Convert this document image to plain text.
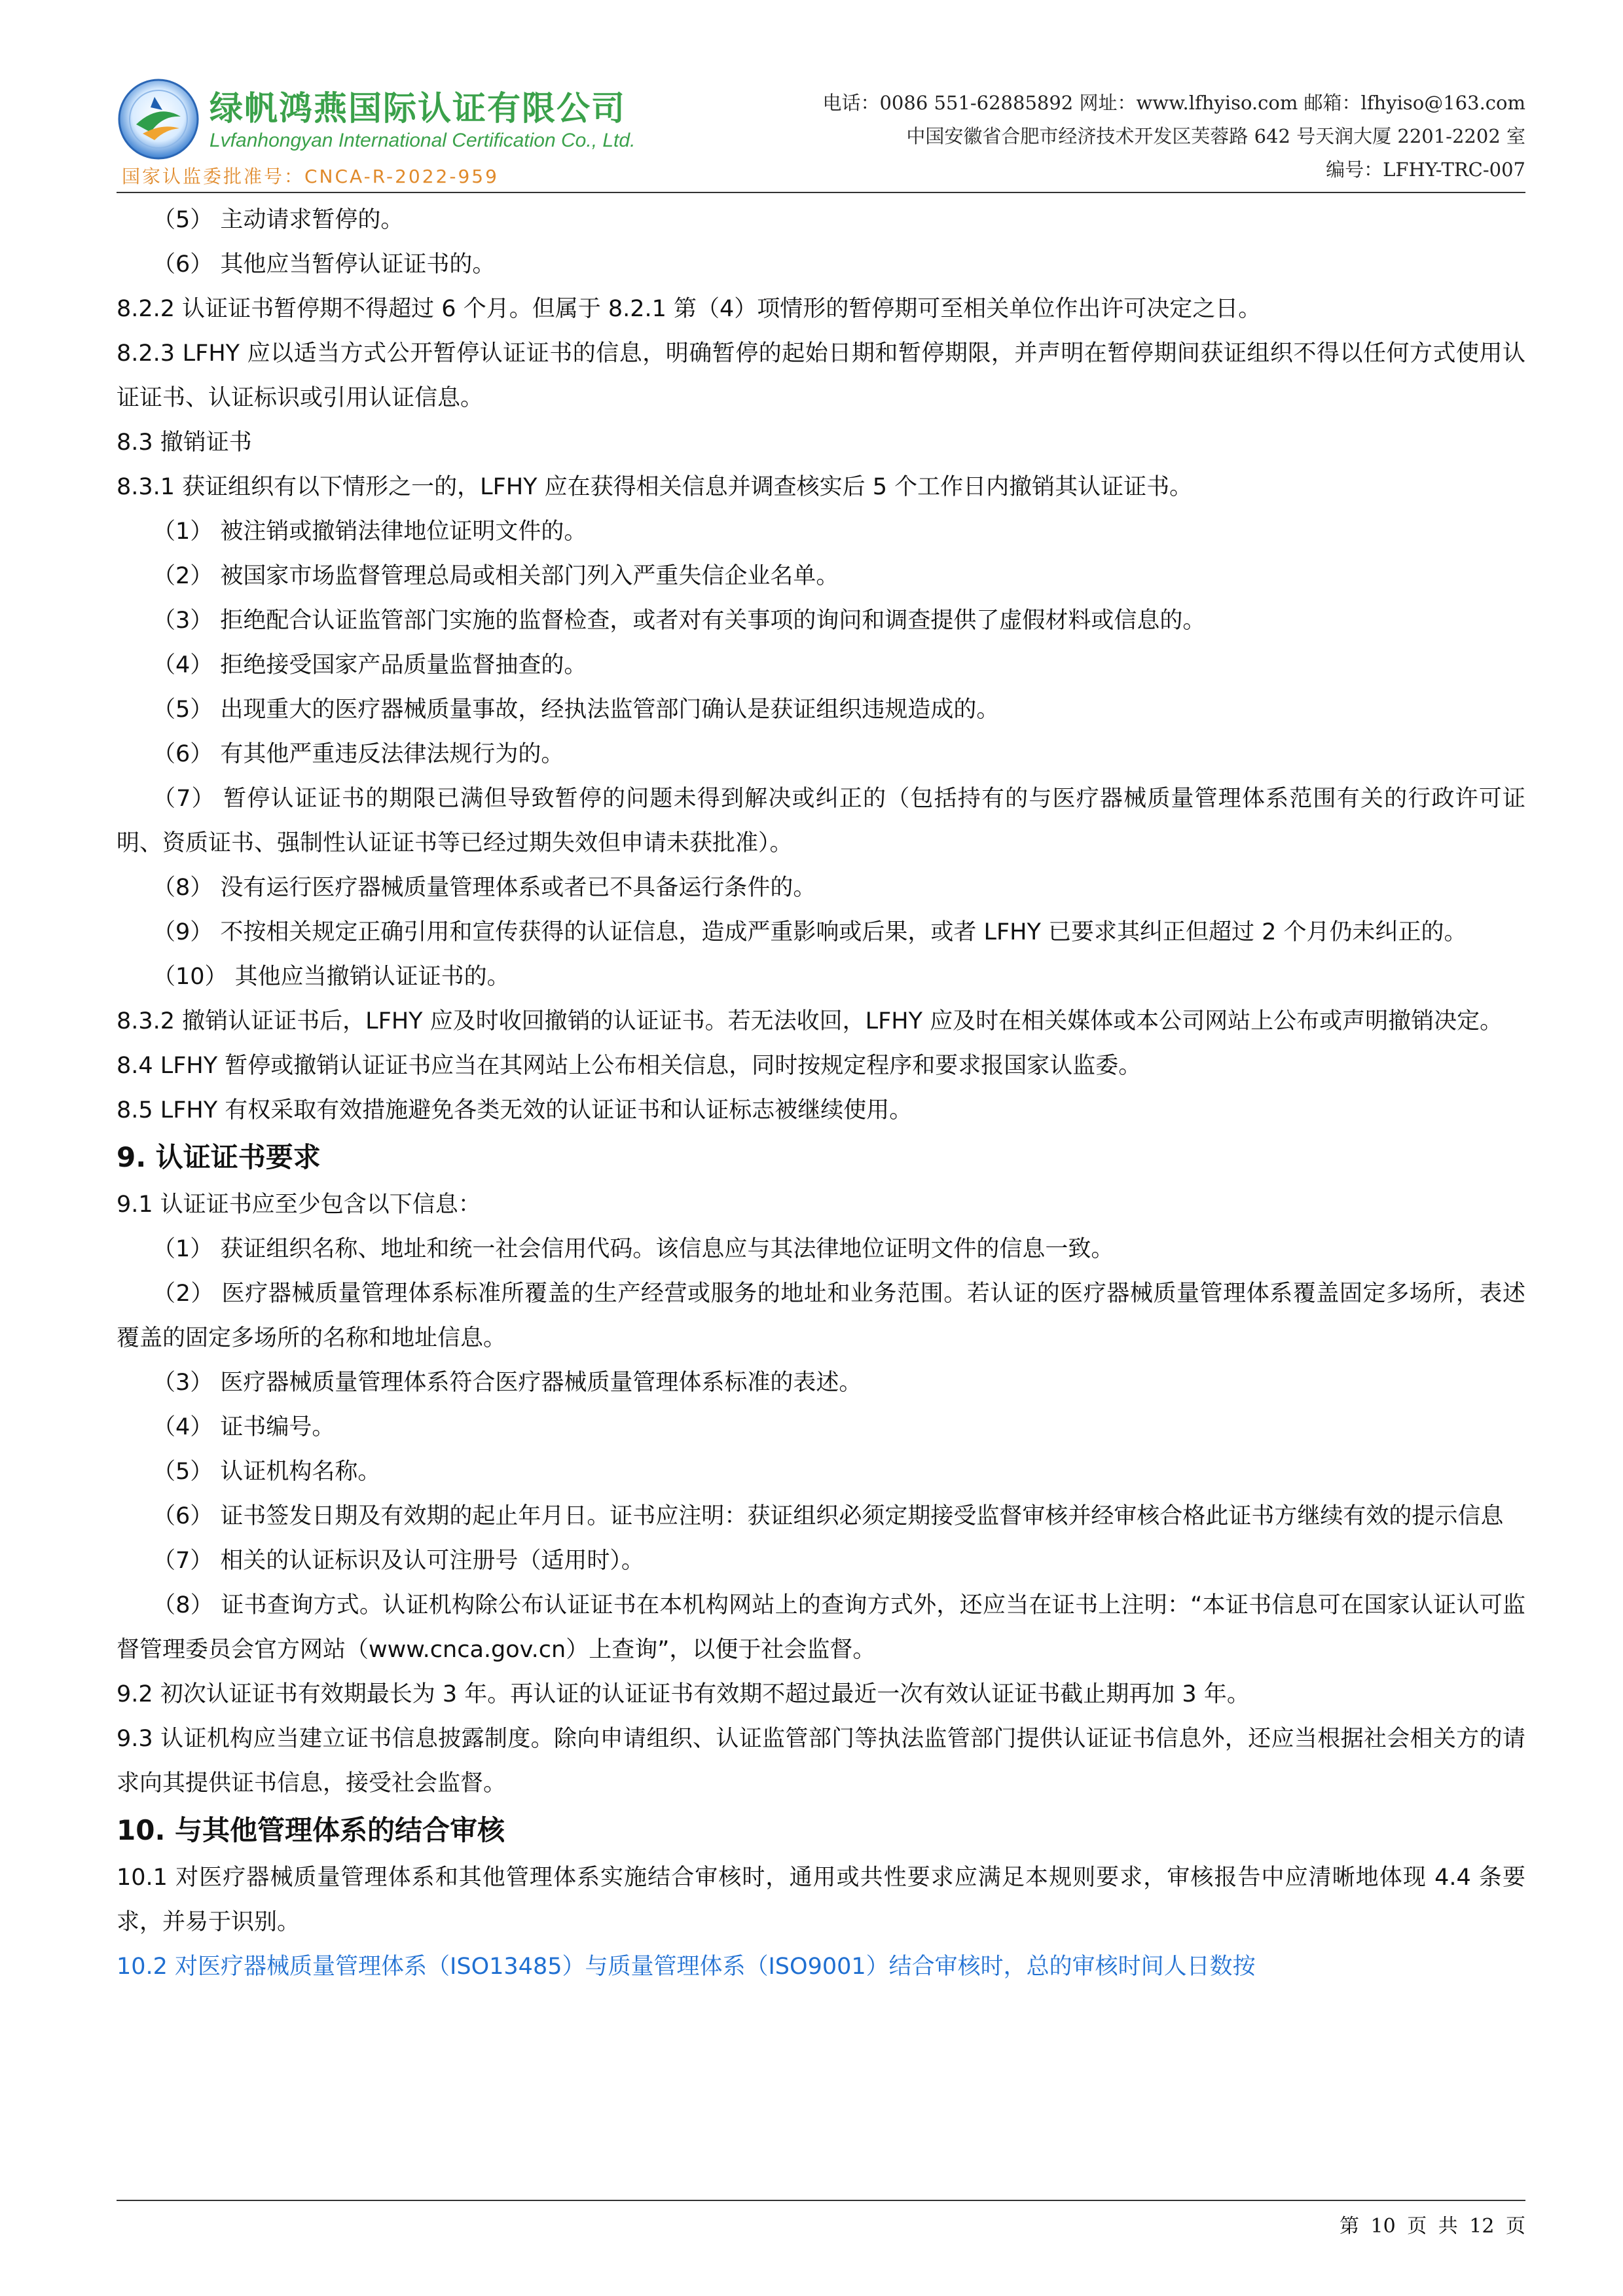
绿帆鸿燕国际认证有限公司
Lvfanhongyan International Certification Co., Ltd.
国家认监委批准号：CNCA-R-2022-959
电话：0086 551-62885892 网址：www.lfhyiso.com 邮箱：lfhyiso@163.com
中国安徽省合肥市经济技术开发区芙蓉路 642 号天润大厦 2201-2202 室
编号：LFHY-TRC-007

（5） 主动请求暂停的。

（6） 其他应当暂停认证证书的。

8.2.2 认证证书暂停期不得超过 6 个月。但属于 8.2.1 第（4）项情形的暂停期可至相关单位作出许可决定之日。

8.2.3 LFHY 应以适当方式公开暂停认证证书的信息，明确暂停的起始日期和暂停期限，并声明在暂停期间获证组织不得以任何方式使用认证证书、认证标识或引用认证信息。

8.3 撤销证书

8.3.1 获证组织有以下情形之一的，LFHY 应在获得相关信息并调查核实后 5 个工作日内撤销其认证证书。

（1） 被注销或撤销法律地位证明文件的。

（2） 被国家市场监督管理总局或相关部门列入严重失信企业名单。

（3） 拒绝配合认证监管部门实施的监督检查，或者对有关事项的询问和调查提供了虚假材料或信息的。

（4） 拒绝接受国家产品质量监督抽查的。

（5） 出现重大的医疗器械质量事故，经执法监管部门确认是获证组织违规造成的。

（6） 有其他严重违反法律法规行为的。

（7） 暂停认证证书的期限已满但导致暂停的问题未得到解决或纠正的（包括持有的与医疗器械质量管理体系范围有关的行政许可证明、资质证书、强制性认证证书等已经过期失效但申请未获批准）。

（8） 没有运行医疗器械质量管理体系或者已不具备运行条件的。

（9） 不按相关规定正确引用和宣传获得的认证信息，造成严重影响或后果，或者 LFHY 已要求其纠正但超过 2 个月仍未纠正的。

（10） 其他应当撤销认证证书的。

8.3.2 撤销认证证书后，LFHY 应及时收回撤销的认证证书。若无法收回，LFHY 应及时在相关媒体或本公司网站上公布或声明撤销决定。

8.4 LFHY 暂停或撤销认证证书应当在其网站上公布相关信息，同时按规定程序和要求报国家认监委。

8.5 LFHY 有权采取有效措施避免各类无效的认证证书和认证标志被继续使用。

9. 认证证书要求

9.1 认证证书应至少包含以下信息：

（1） 获证组织名称、地址和统一社会信用代码。该信息应与其法律地位证明文件的信息一致。

（2） 医疗器械质量管理体系标准所覆盖的生产经营或服务的地址和业务范围。若认证的医疗器械质量管理体系覆盖固定多场所，表述覆盖的固定多场所的名称和地址信息。

（3） 医疗器械质量管理体系符合医疗器械质量管理体系标准的表述。

（4） 证书编号。

（5） 认证机构名称。

（6） 证书签发日期及有效期的起止年月日。证书应注明：获证组织必须定期接受监督审核并经审核合格此证书方继续有效的提示信息

（7） 相关的认证标识及认可注册号（适用时）。

（8） 证书查询方式。认证机构除公布认证证书在本机构网站上的查询方式外，还应当在证书上注明：“本证书信息可在国家认证认可监督管理委员会官方网站（www.cnca.gov.cn）上查询”，以便于社会监督。

9.2 初次认证证书有效期最长为 3 年。再认证的认证证书有效期不超过最近一次有效认证证书截止期再加 3 年。

9.3 认证机构应当建立证书信息披露制度。除向申请组织、认证监管部门等执法监管部门提供认证证书信息外，还应当根据社会相关方的请求向其提供证书信息，接受社会监督。

10. 与其他管理体系的结合审核

10.1 对医疗器械质量管理体系和其他管理体系实施结合审核时，通用或共性要求应满足本规则要求，审核报告中应清晰地体现 4.4 条要求，并易于识别。

10.2 对医疗器械质量管理体系（ISO13485）与质量管理体系（ISO9001）结合审核时，总的审核时间人日数按

第 10 页 共 12 页
